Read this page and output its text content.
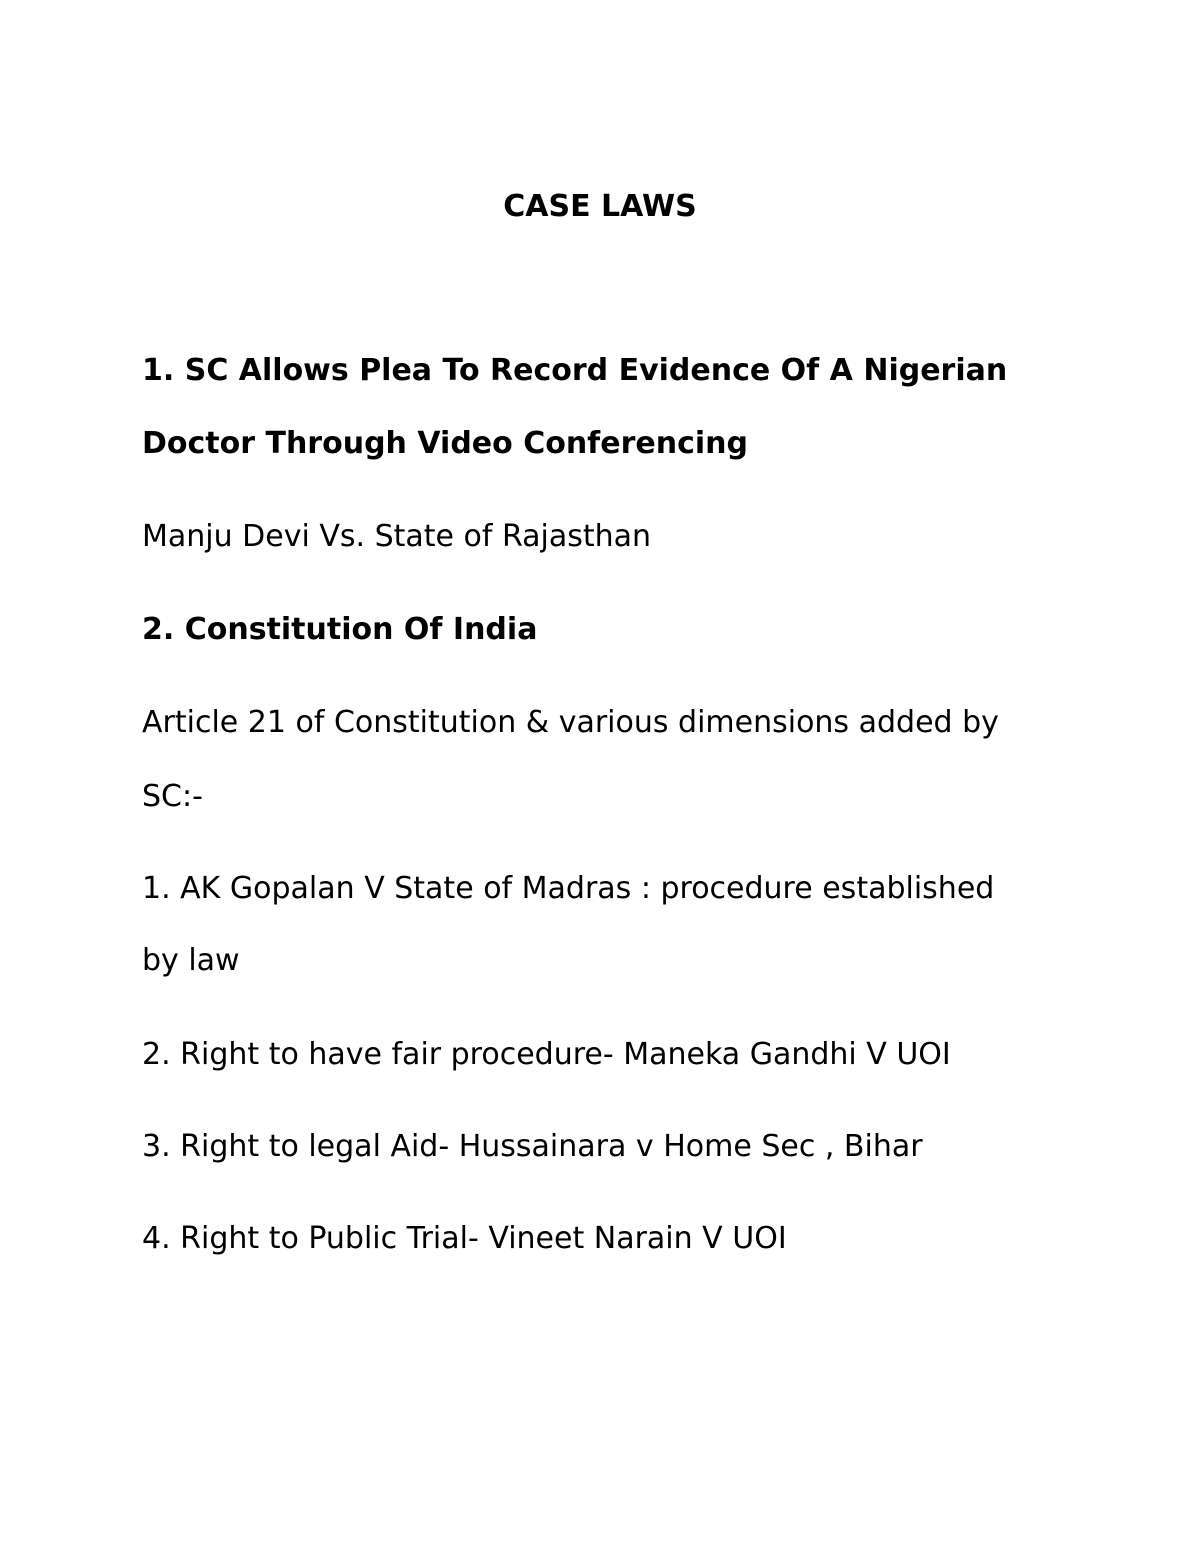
CASE LAWS
1. SC Allows Plea To Record Evidence Of A Nigerian
Doctor Through Video Conferencing
Manju Devi Vs. State of Rajasthan
2. Constitution Of India
Article 21 of Constitution & various dimensions added by
SC:-
1. AK Gopalan V State of Madras : procedure established
by law
2. Right to have fair procedure- Maneka Gandhi V UOI
3. Right to legal Aid- Hussainara v Home Sec , Bihar
4. Right to Public Trial- Vineet Narain V UOI
